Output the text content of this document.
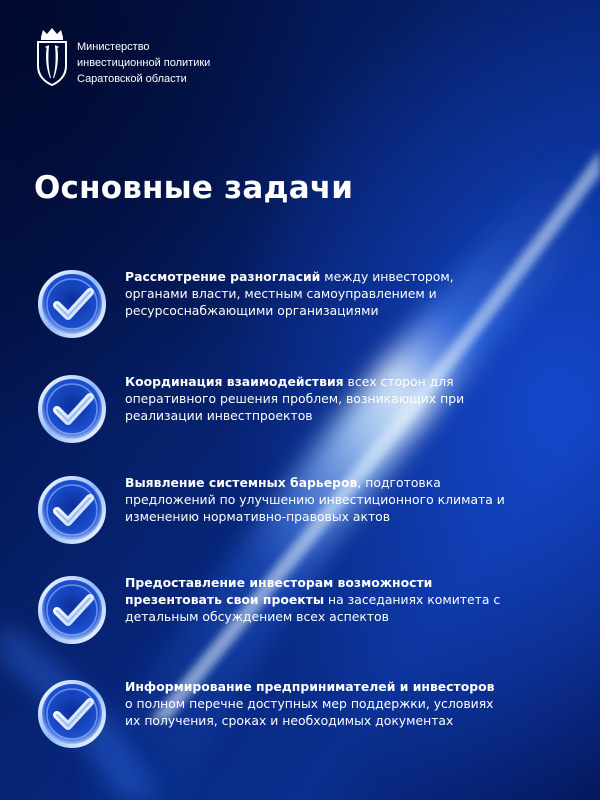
Министерство
инвестиционной политики
Саратовской области
Основные задачи
Рассмотрение разногласий между инвестором, органами власти, местным самоуправлением и ресурсоснабжающими организациями
Координация взаимодействия всех сторон для оперативного решения проблем, возникающих при реализации инвестпроектов
Выявление системных барьеров, подготовка предложений по улучшению инвестиционного климата и изменению нормативно-правовых актов
Предоставление инвесторам возможности презентовать свои проекты на заседаниях комитета с детальным обсуждением всех аспектов
Информирование предпринимателей и инвесторов о полном перечне доступных мер поддержки, условиях их получения, сроках и необходимых документах
